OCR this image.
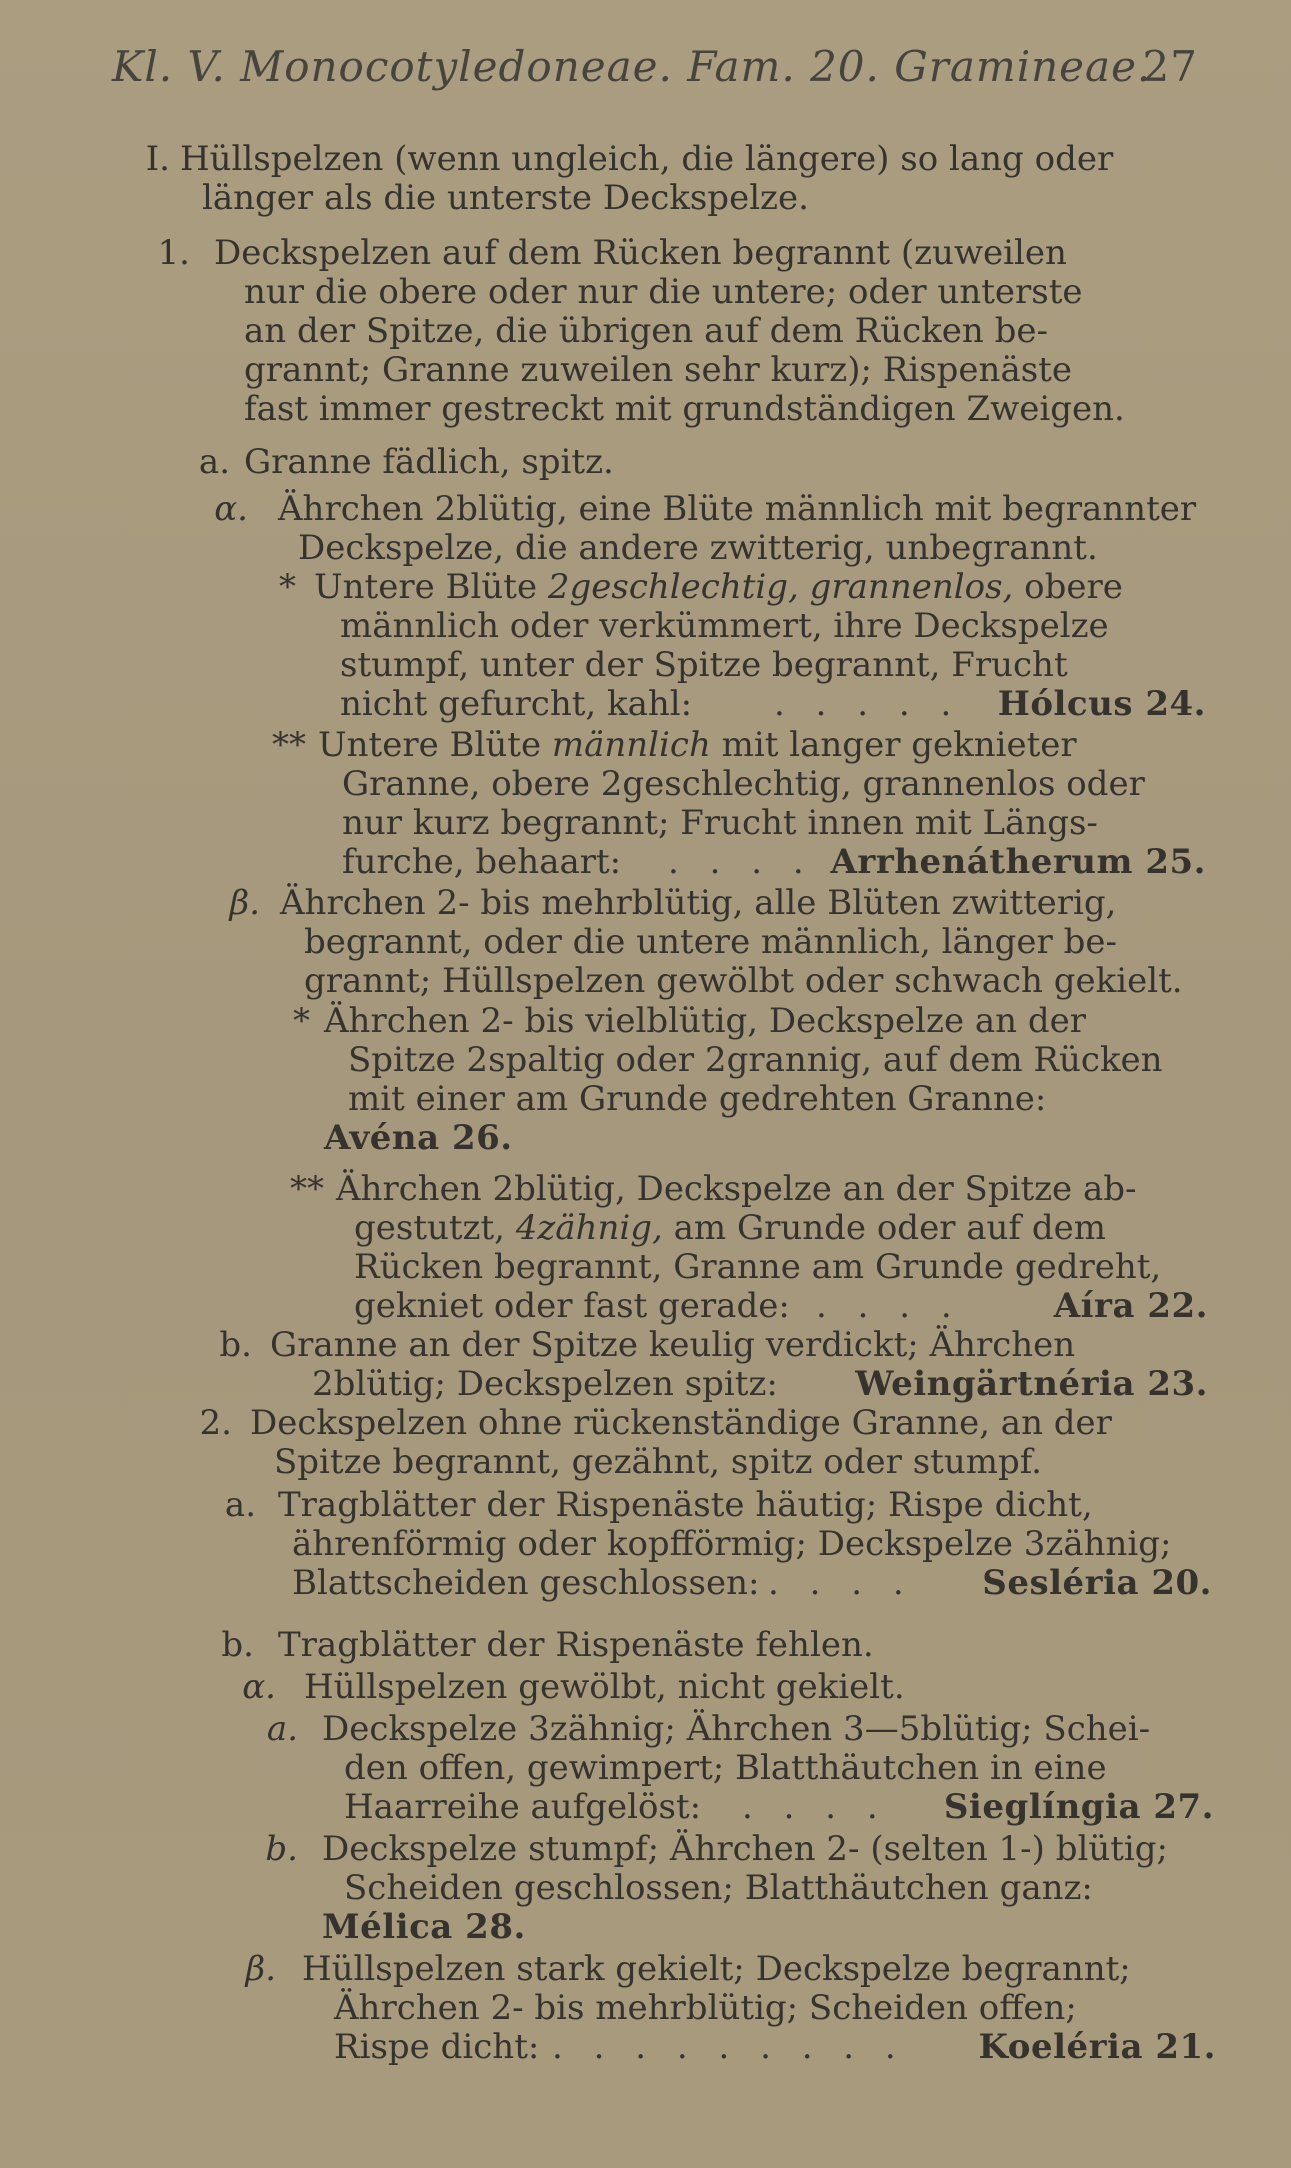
Kl. V. Monocotyledoneae. Fam. 20. Gramineae.
27
I. Hüllspelzen (wenn ungleich, die längere) so lang oder
länger als die unterste Deckspelze.
1. Deckspelzen auf dem Rücken begrannt (zuweilen
nur die obere oder nur die untere; oder unterste
an der Spitze, die übrigen auf dem Rücken be-
grannt; Granne zuweilen sehr kurz); Rispenäste
fast immer gestreckt mit grundständigen Zweigen.
a. Granne fädlich, spitz.
α. Ährchen 2blütig, eine Blüte männlich mit begrannter
Deckspelze, die andere zwitterig, unbegrannt.
* Untere Blüte 2geschlechtig, grannenlos, obere
männlich oder verkümmert, ihre Deckspelze
stumpf, unter der Spitze begrannt, Frucht
nicht gefurcht, kahl: . . . . . Hólcus 24.
** Untere Blüte männlich mit langer geknieter
Granne, obere 2geschlechtig, grannenlos oder
nur kurz begrannt; Frucht innen mit Längs-
furche, behaart: . . . . Arrhenátherum 25.
β. Ährchen 2- bis mehrblütig, alle Blüten zwitterig,
begrannt, oder die untere männlich, länger be-
grannt; Hüllspelzen gewölbt oder schwach gekielt.
* Ährchen 2- bis vielblütig, Deckspelze an der
Spitze 2spaltig oder 2grannig, auf dem Rücken
mit einer am Grunde gedrehten Granne:
Avéna 26.
** Ährchen 2blütig, Deckspelze an der Spitze ab-
gestutzt, 4zähnig, am Grunde oder auf dem
Rücken begrannt, Granne am Grunde gedreht,
gekniet oder fast gerade: . . . .	Aíra 22.
b. Granne an der Spitze keulig verdickt; Ährchen
2blütig; Deckspelzen spitz: Weingärtnéria 23.
2. Deckspelzen ohne rückenständige Granne, an der
Spitze begrannt, gezähnt, spitz oder stumpf.
a. Tragblätter der Rispenäste häutig; Rispe dicht,
ährenförmig oder kopfförmig; Deckspelze 3zähnig;
Blattscheiden geschlossen: . . . . Sesléria 20.
b. Tragblätter der Rispenäste fehlen.
α. Hüllspelzen gewölbt, nicht gekielt.
a. Deckspelze 3zähnig; Ährchen 3—5blütig; Schei-
den offen, gewimpert; Blatthäutchen in eine
Haarreihe aufgelöst: . . . . Sieglíngia 27.
b. Deckspelze stumpf; Ährchen 2- (selten 1-) blütig;
Scheiden geschlossen; Blatthäutchen ganz:
Mélica 28.
β. Hüllspelzen stark gekielt; Deckspelze begrannt;
Ährchen 2- bis mehrblütig; Scheiden offen;
Rispe dicht: . . . . . . . . . Koeléria 21.
